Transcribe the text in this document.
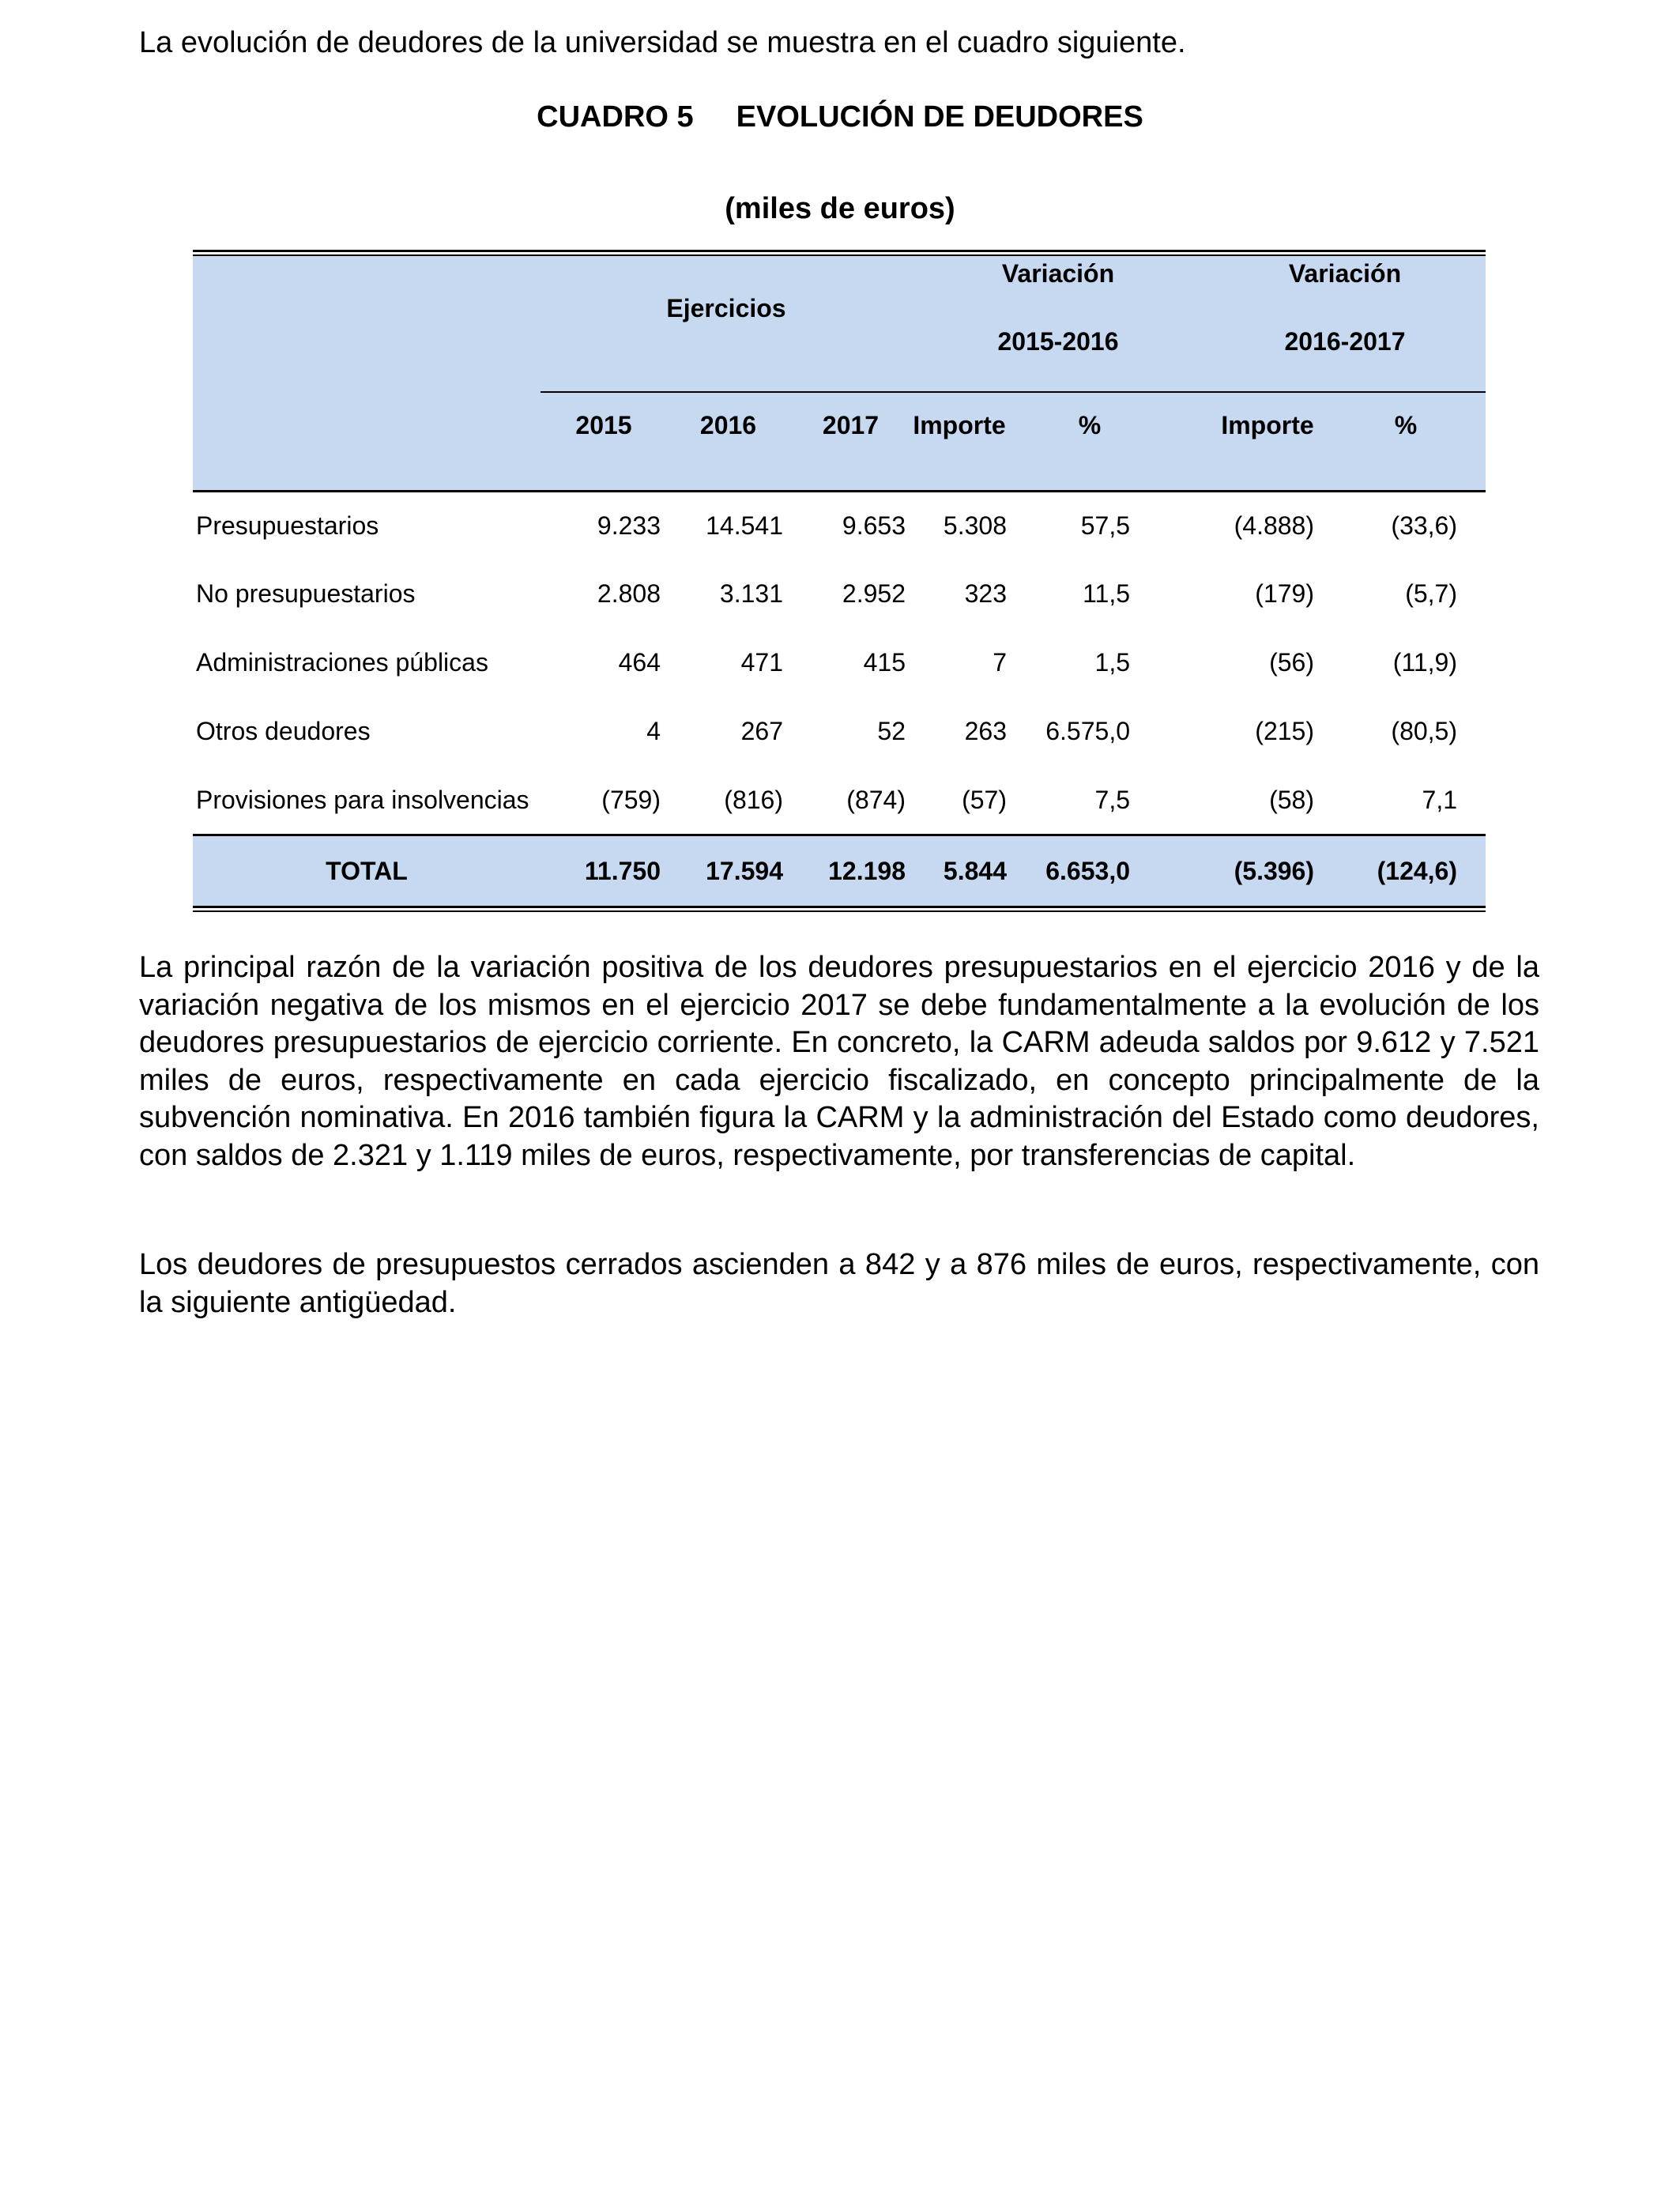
La evolución de deudores de la universidad se muestra en el cuadro siguiente.
CUADRO 5 EVOLUCIÓN DE DEUDORES
(miles de euros)
Ejercicios
Variación
2015-2016
Variación
2016-2017
2015	2016	2017	Importe	%	Importe	%
Presupuestarios	9.233	14.541	9.653	5.308	57,5	(4.888)	(33,6)
No presupuestarios	2.808	3.131	2.952	323	11,5	(179)	(5,7)
Administraciones públicas	464	471	415	7	1,5	(56)	(11,9)
Otros deudores	4	267	52	263	6.575,0	(215)	(80,5)
Provisiones para insolvencias	(759)	(816)	(874)	(57)	7,5	(58)	7,1
TOTAL	11.750	17.594	12.198	5.844	6.653,0	(5.396)	(124,6)
La principal razón de la variación positiva de los deudores presupuestarios en el ejercicio 2016 y de la variación negativa de los mismos en el ejercicio 2017 se debe fundamentalmente a la evolución de los deudores presupuestarios de ejercicio corriente. En concreto, la CARM adeuda saldos por 9.612 y 7.521 miles de euros, respectivamente en cada ejercicio fiscalizado, en concepto principalmente de la subvención nominativa. En 2016 también figura la CARM y la administración del Estado como deudores, con saldos de 2.321 y 1.119 miles de euros, respectivamente, por transferencias de capital.
Los deudores de presupuestos cerrados ascienden a 842 y a 876 miles de euros, respectivamente, con la siguiente antigüedad.
